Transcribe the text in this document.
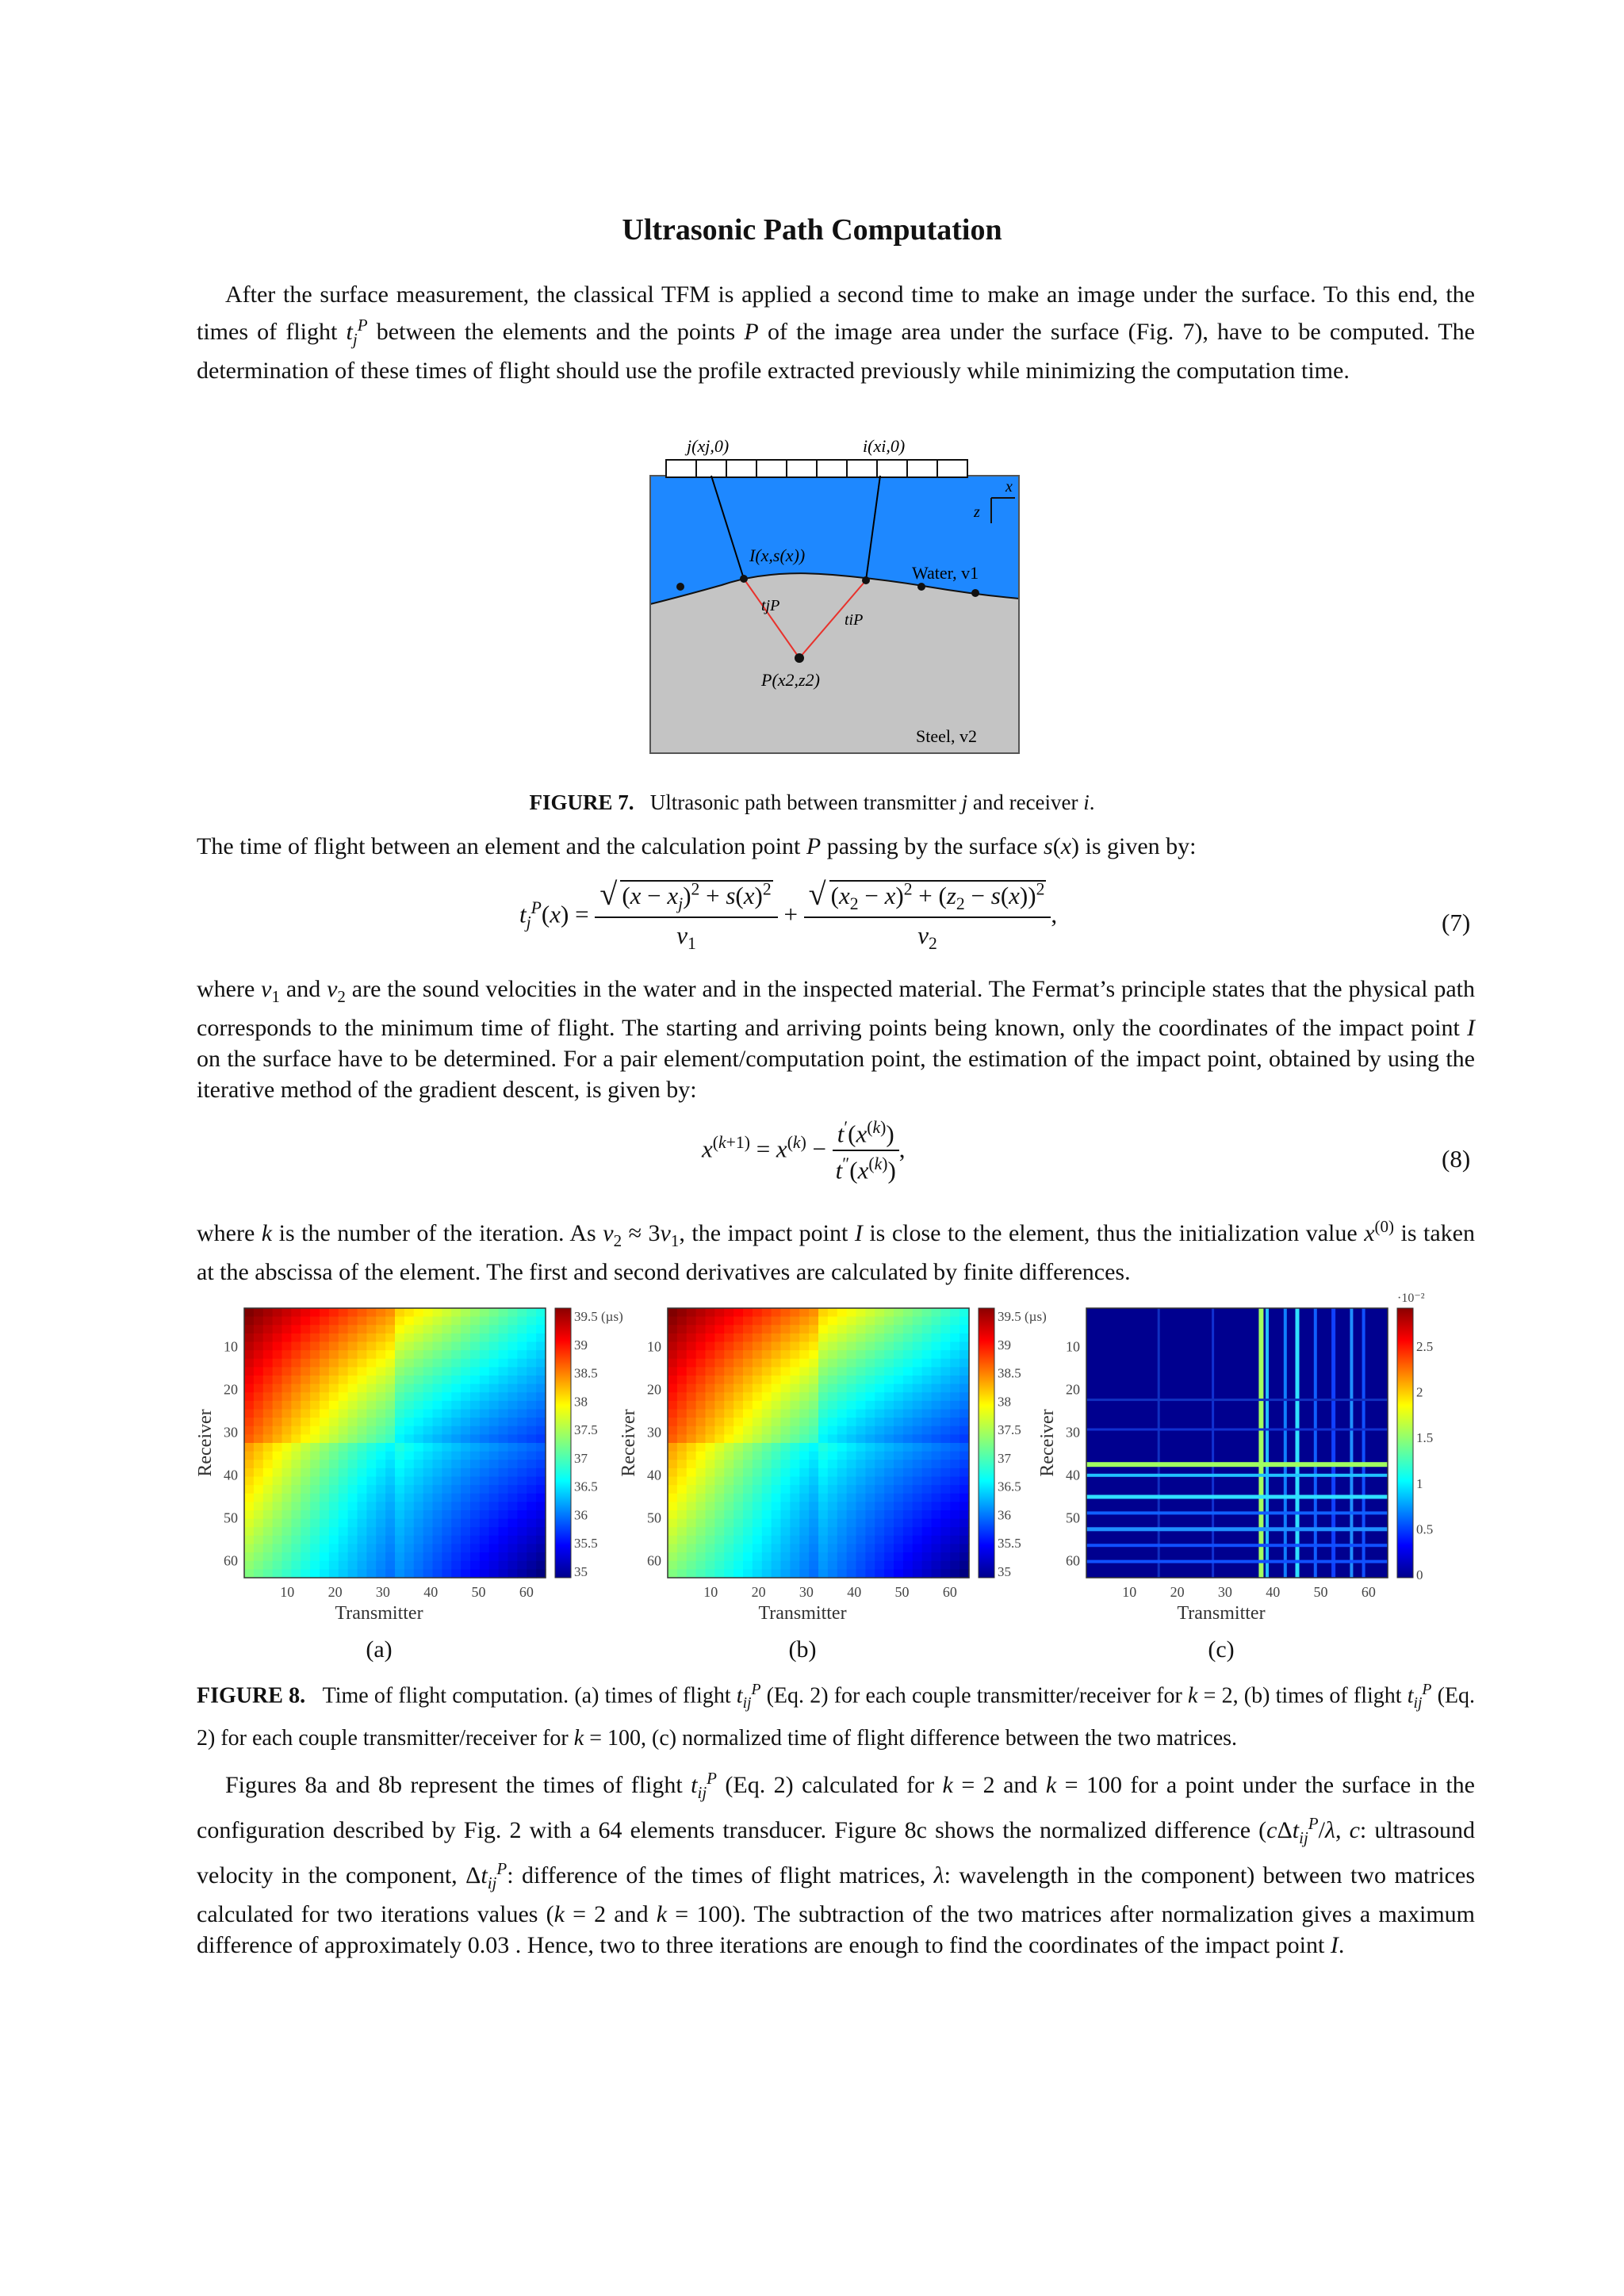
Ultrasonic Path Computation
After the surface measurement, the classical TFM is applied a second time to make an image under the surface. To this end, the times of flight $t_j^P$ between the elements and the points P of the image area under the surface (Fig. 7), have to be computed. The determination of these times of flight should use the profile extracted previously while minimizing the computation time.
j(xj,0)	i(xi,0)
I(x,s(x))
Water, v1
tjP
tiP
P(x2,z2)
Steel, v2
x
z
FIGURE 7.   Ultrasonic path between transmitter j and receiver i.
The time of flight between an element and the calculation point P passing by the surface s(x) is given by:
$t_j^P(x) = \frac{√ (x - x_j)^2 + s(x)^2}{v_1} + \frac{√ (x_2 - x)^2 + (z_2 - s(x))^2}{v_2}$ ,	(7)
where $v_1$ and $v_2$ are the sound velocities in the water and in the inspected material. The Fermat’s principle states that the physical path corresponds to the minimum time of flight. The starting and arriving points being known, only the coordinates of the impact point I on the surface have to be determined. For a pair element/computation point, the estimation of the impact point, obtained by using the iterative method of the gradient descent, is given by:
$x^{(k+1)} = x^{(k)} - \frac{t'(x^{(k)})}{t''(x^{(k)})}$ ,	(8)
where k is the number of the iteration. As $v_2 \approx 3v_1$, the impact point I is close to the element, thus the initialization value $x^{(0)}$ is taken at the abscissa of the element. The first and second derivatives are calculated by finite differences.
10 20 30 40 50 60
10
20
30
40
50
60
Transmitter
Receiver
39.5 (µs)
39
38.5
38
37.5
37
36.5
36
35.5
35
(a)
10 20 30 40 50 60
10
20
30
40
50
60
Transmitter
Receiver
39.5 (µs)
39
38.5
38
37.5
37
36.5
36
35.5
35
(b)
10 20 30 40 50 60
10
20
30
40
50
60
Transmitter
Receiver
·10⁻²
2.5
2
1.5
1
0.5
0
(c)
FIGURE 8.   Time of flight computation. (a) times of flight $t_{ij}^P$ (Eq. 2) for each couple transmitter/receiver for k = 2, (b) times of flight $t_{ij}^P$ (Eq. 2) for each couple transmitter/receiver for k = 100, (c) normalized time of flight difference between the two matrices.
Figures 8a and 8b represent the times of flight $t_{ij}^P$ (Eq. 2) calculated for k = 2 and k = 100 for a point under the surface in the configuration described by Fig. 2 with a 64 elements transducer. Figure 8c shows the normalized difference (cΔt$_{ij}^P$/λ, c: ultrasound velocity in the component, $\Delta t_{ij}^P$: difference of the times of flight matrices, λ: wavelength in the component) between two matrices calculated for two iterations values (k = 2 and k = 100). The subtraction of the two matrices after normalization gives a maximum difference of approximately 0.03 . Hence, two to three iterations are enough to find the coordinates of the impact point I.
